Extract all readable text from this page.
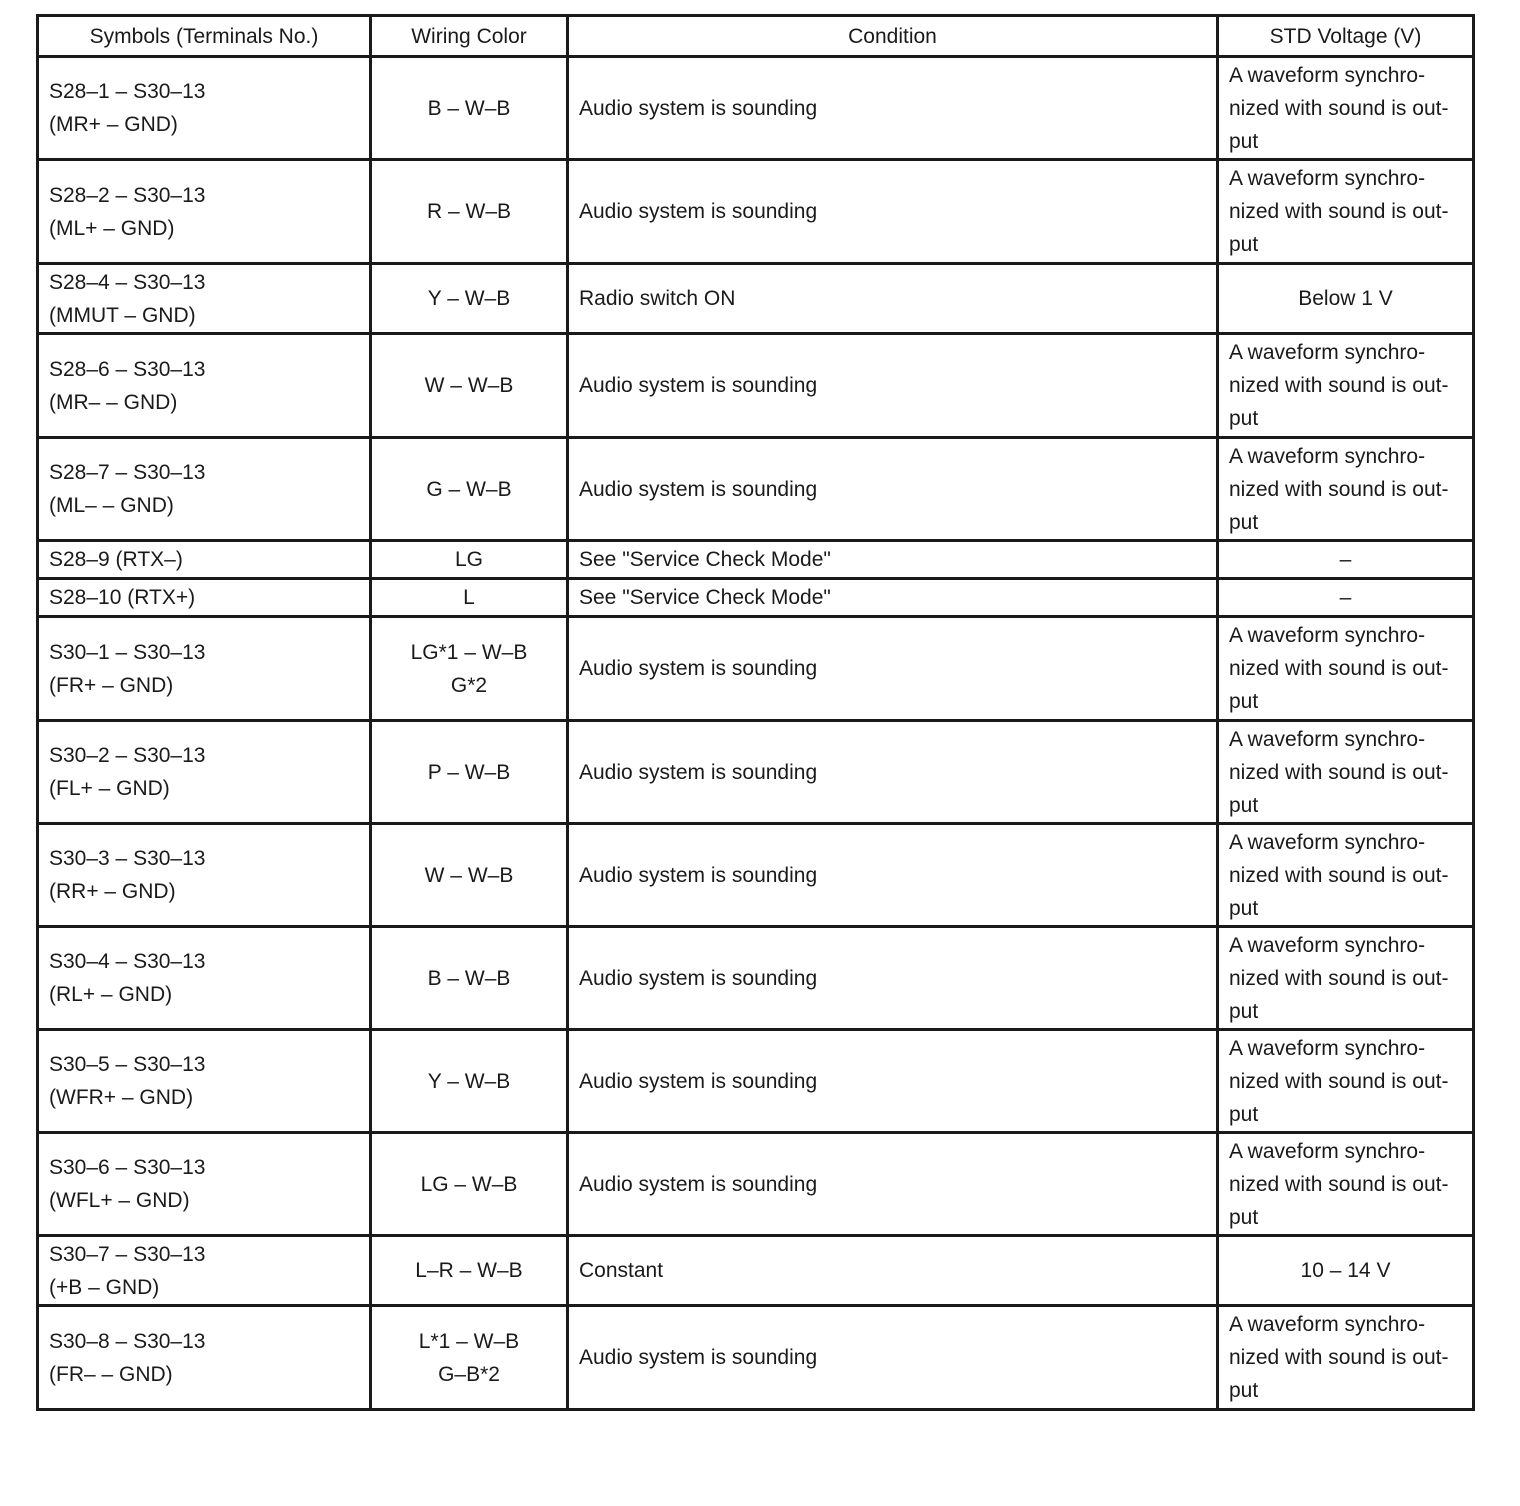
Symbols (Terminals No.)	Wiring Color	Condition	STD Voltage (V)

S28–1 – S30–13
(MR+ – GND)	B – W–B	Audio system is sounding	A waveform synchro-
nized with sound is out-
put

S28–2 – S30–13
(ML+ – GND)	R – W–B	Audio system is sounding	A waveform synchro-
nized with sound is out-
put

S28–4 – S30–13
(MMUT – GND)	Y – W–B	Radio switch ON	Below 1 V

S28–6 – S30–13
(MR– – GND)	W – W–B	Audio system is sounding	A waveform synchro-
nized with sound is out-
put

S28–7 – S30–13
(ML– – GND)	G – W–B	Audio system is sounding	A waveform synchro-
nized with sound is out-
put

S28–9 (RTX–)	LG	See "Service Check Mode"	–

S28–10 (RTX+)	L	See "Service Check Mode"	–

S30–1 – S30–13
(FR+ – GND)	LG*1 – W–B
G*2	Audio system is sounding	A waveform synchro-
nized with sound is out-
put

S30–2 – S30–13
(FL+ – GND)	P – W–B	Audio system is sounding	A waveform synchro-
nized with sound is out-
put

S30–3 – S30–13
(RR+ – GND)	W – W–B	Audio system is sounding	A waveform synchro-
nized with sound is out-
put

S30–4 – S30–13
(RL+ – GND)	B – W–B	Audio system is sounding	A waveform synchro-
nized with sound is out-
put

S30–5 – S30–13
(WFR+ – GND)	Y – W–B	Audio system is sounding	A waveform synchro-
nized with sound is out-
put

S30–6 – S30–13
(WFL+ – GND)	LG – W–B	Audio system is sounding	A waveform synchro-
nized with sound is out-
put

S30–7 – S30–13
(+B – GND)	L–R – W–B	Constant	10 – 14 V

S30–8 – S30–13
(FR– – GND)	L*1 – W–B
G–B*2	Audio system is sounding	A waveform synchro-
nized with sound is out-
put
